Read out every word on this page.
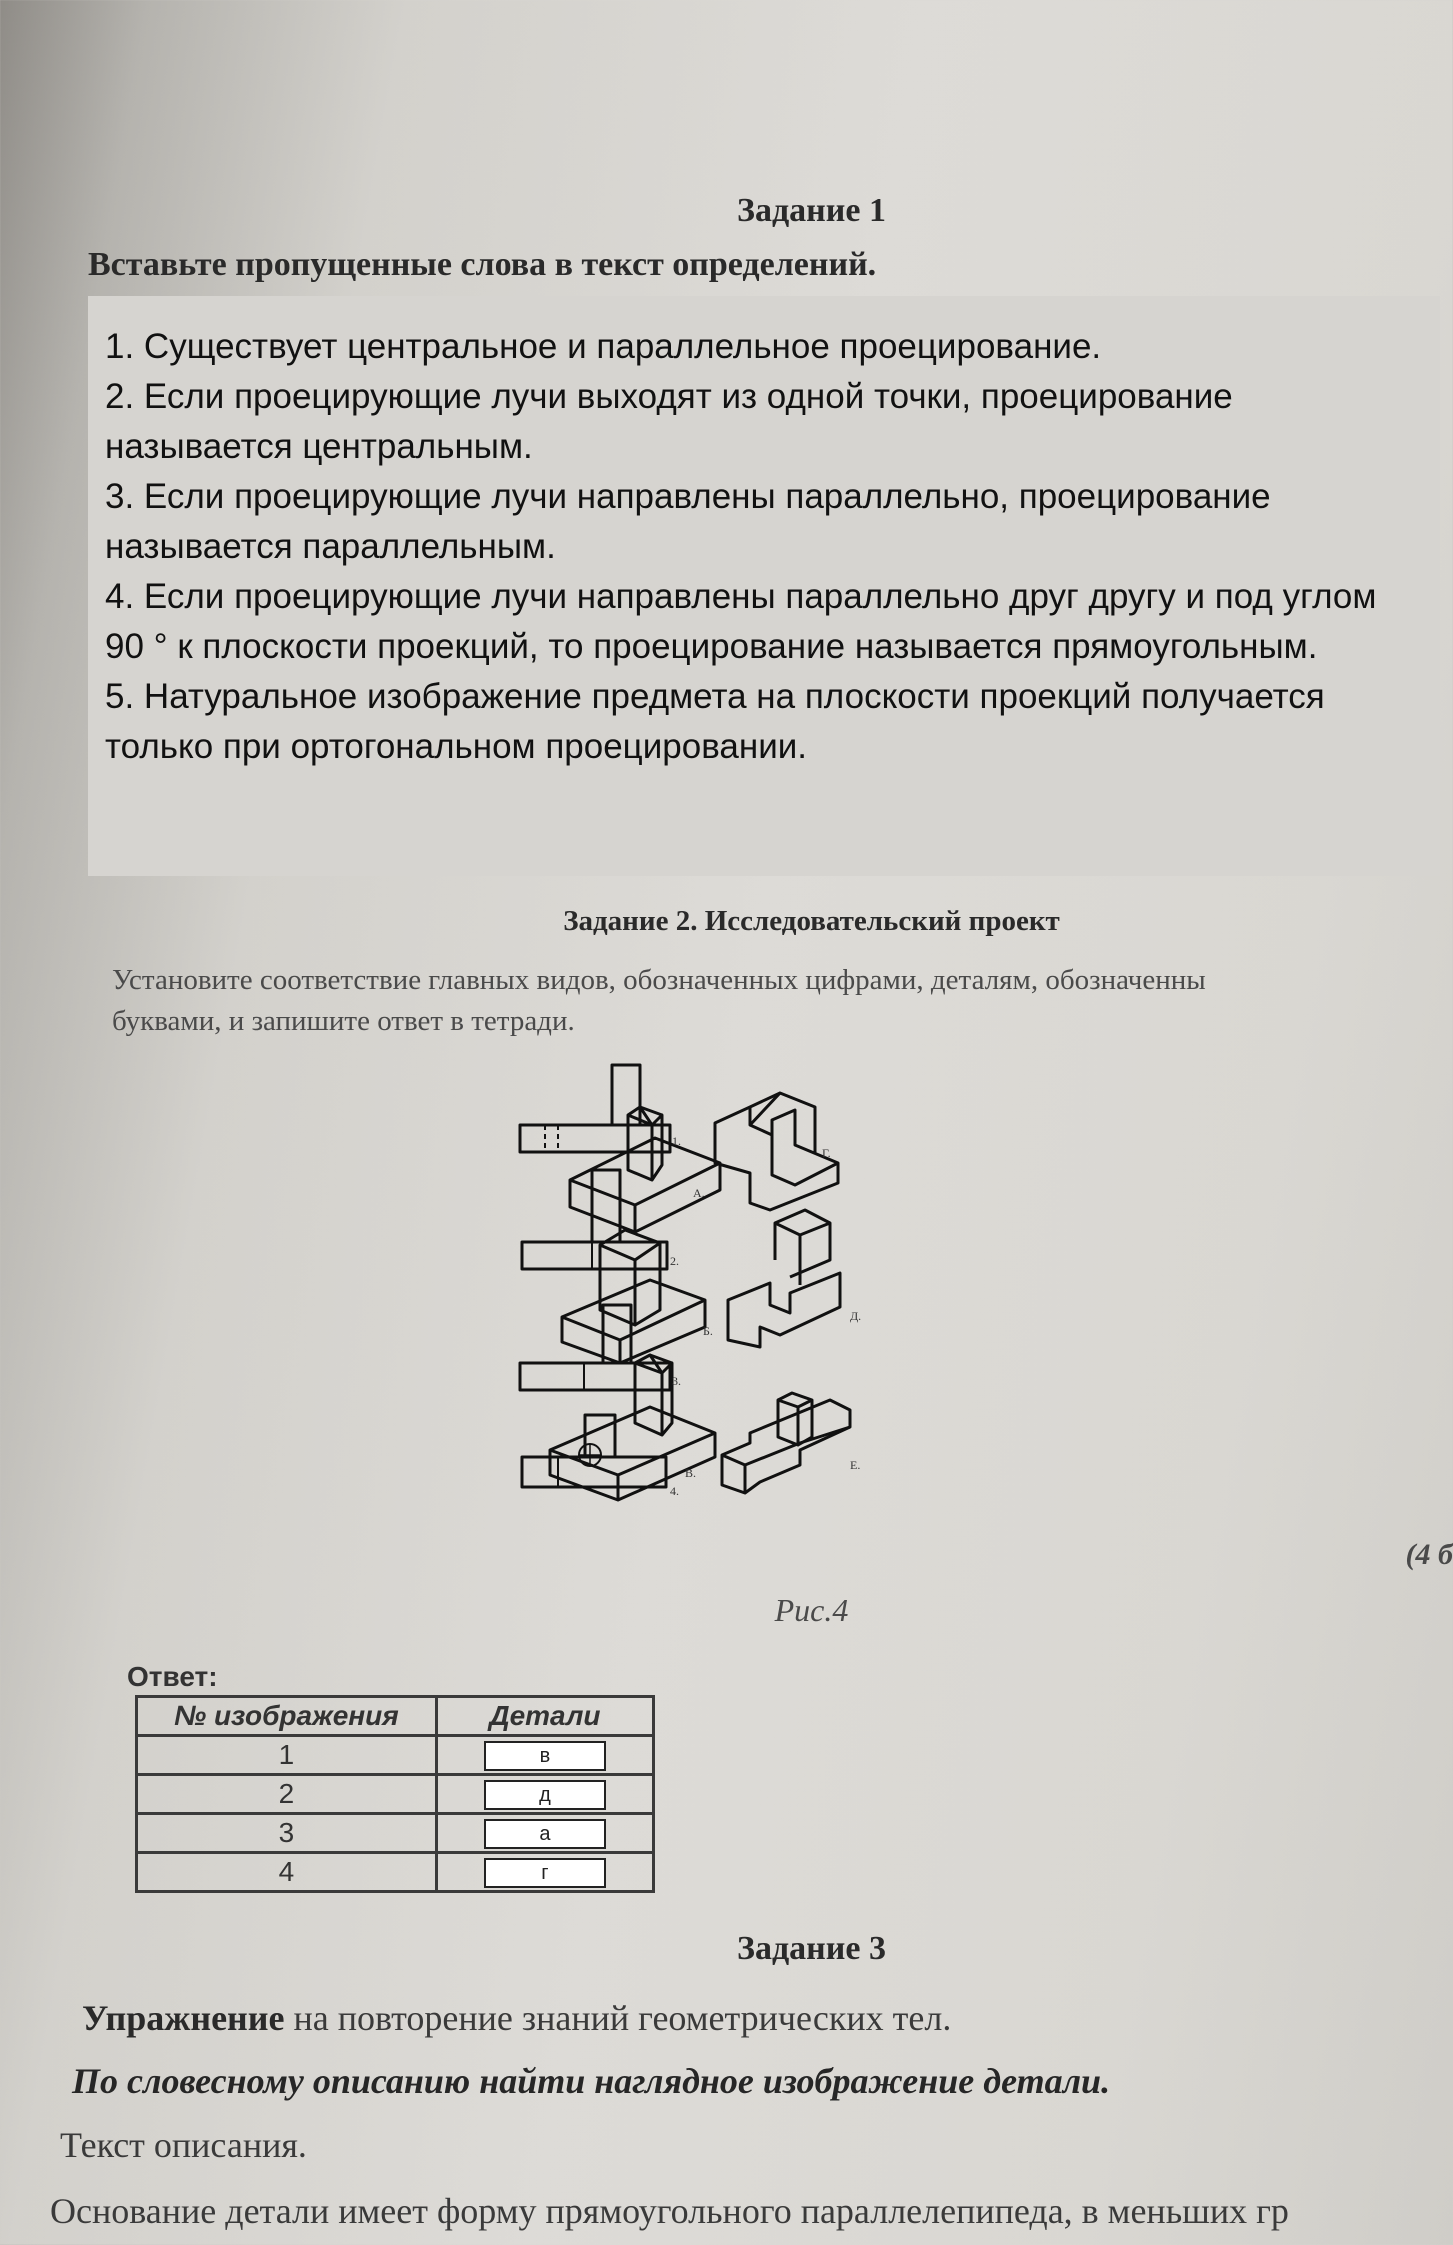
Задание 1

Вставьте пропущенные слова в текст определений.

1. Существует центральное и параллельное проецирование.

2. Если проецирующие лучи выходят из одной точки, проецирование называется центральным.

3. Если проецирующие лучи направлены параллельно, проецирование называется параллельным.

4. Если проецирующие лучи направлены параллельно друг другу и под углом 90 ° к плоскости проекций, то проецирование называется прямоугольным.

5. Натуральное изображение предмета на плоскости проекций получается только при ортогональном проецировании.

Задание 2. Исследовательский проект
Установите соответствие главных видов, обозначенных цифрами, деталям, обозначенны
буквами, и запишите ответ в тетради.
1.
2.
3.
4.
А.
Б.
В.
Г.
Д.
Е.

(4 б

Рис.4

Ответ:

№ изображения	Детали
1	в
2	д
3	а
4	г
Задание 3

Упражнение на повторение знаний геометрических тел.

По словесному описанию найти наглядное изображение детали.

Текст описания.

Основание детали имеет форму прямоугольного параллелепипеда, в меньших гр
